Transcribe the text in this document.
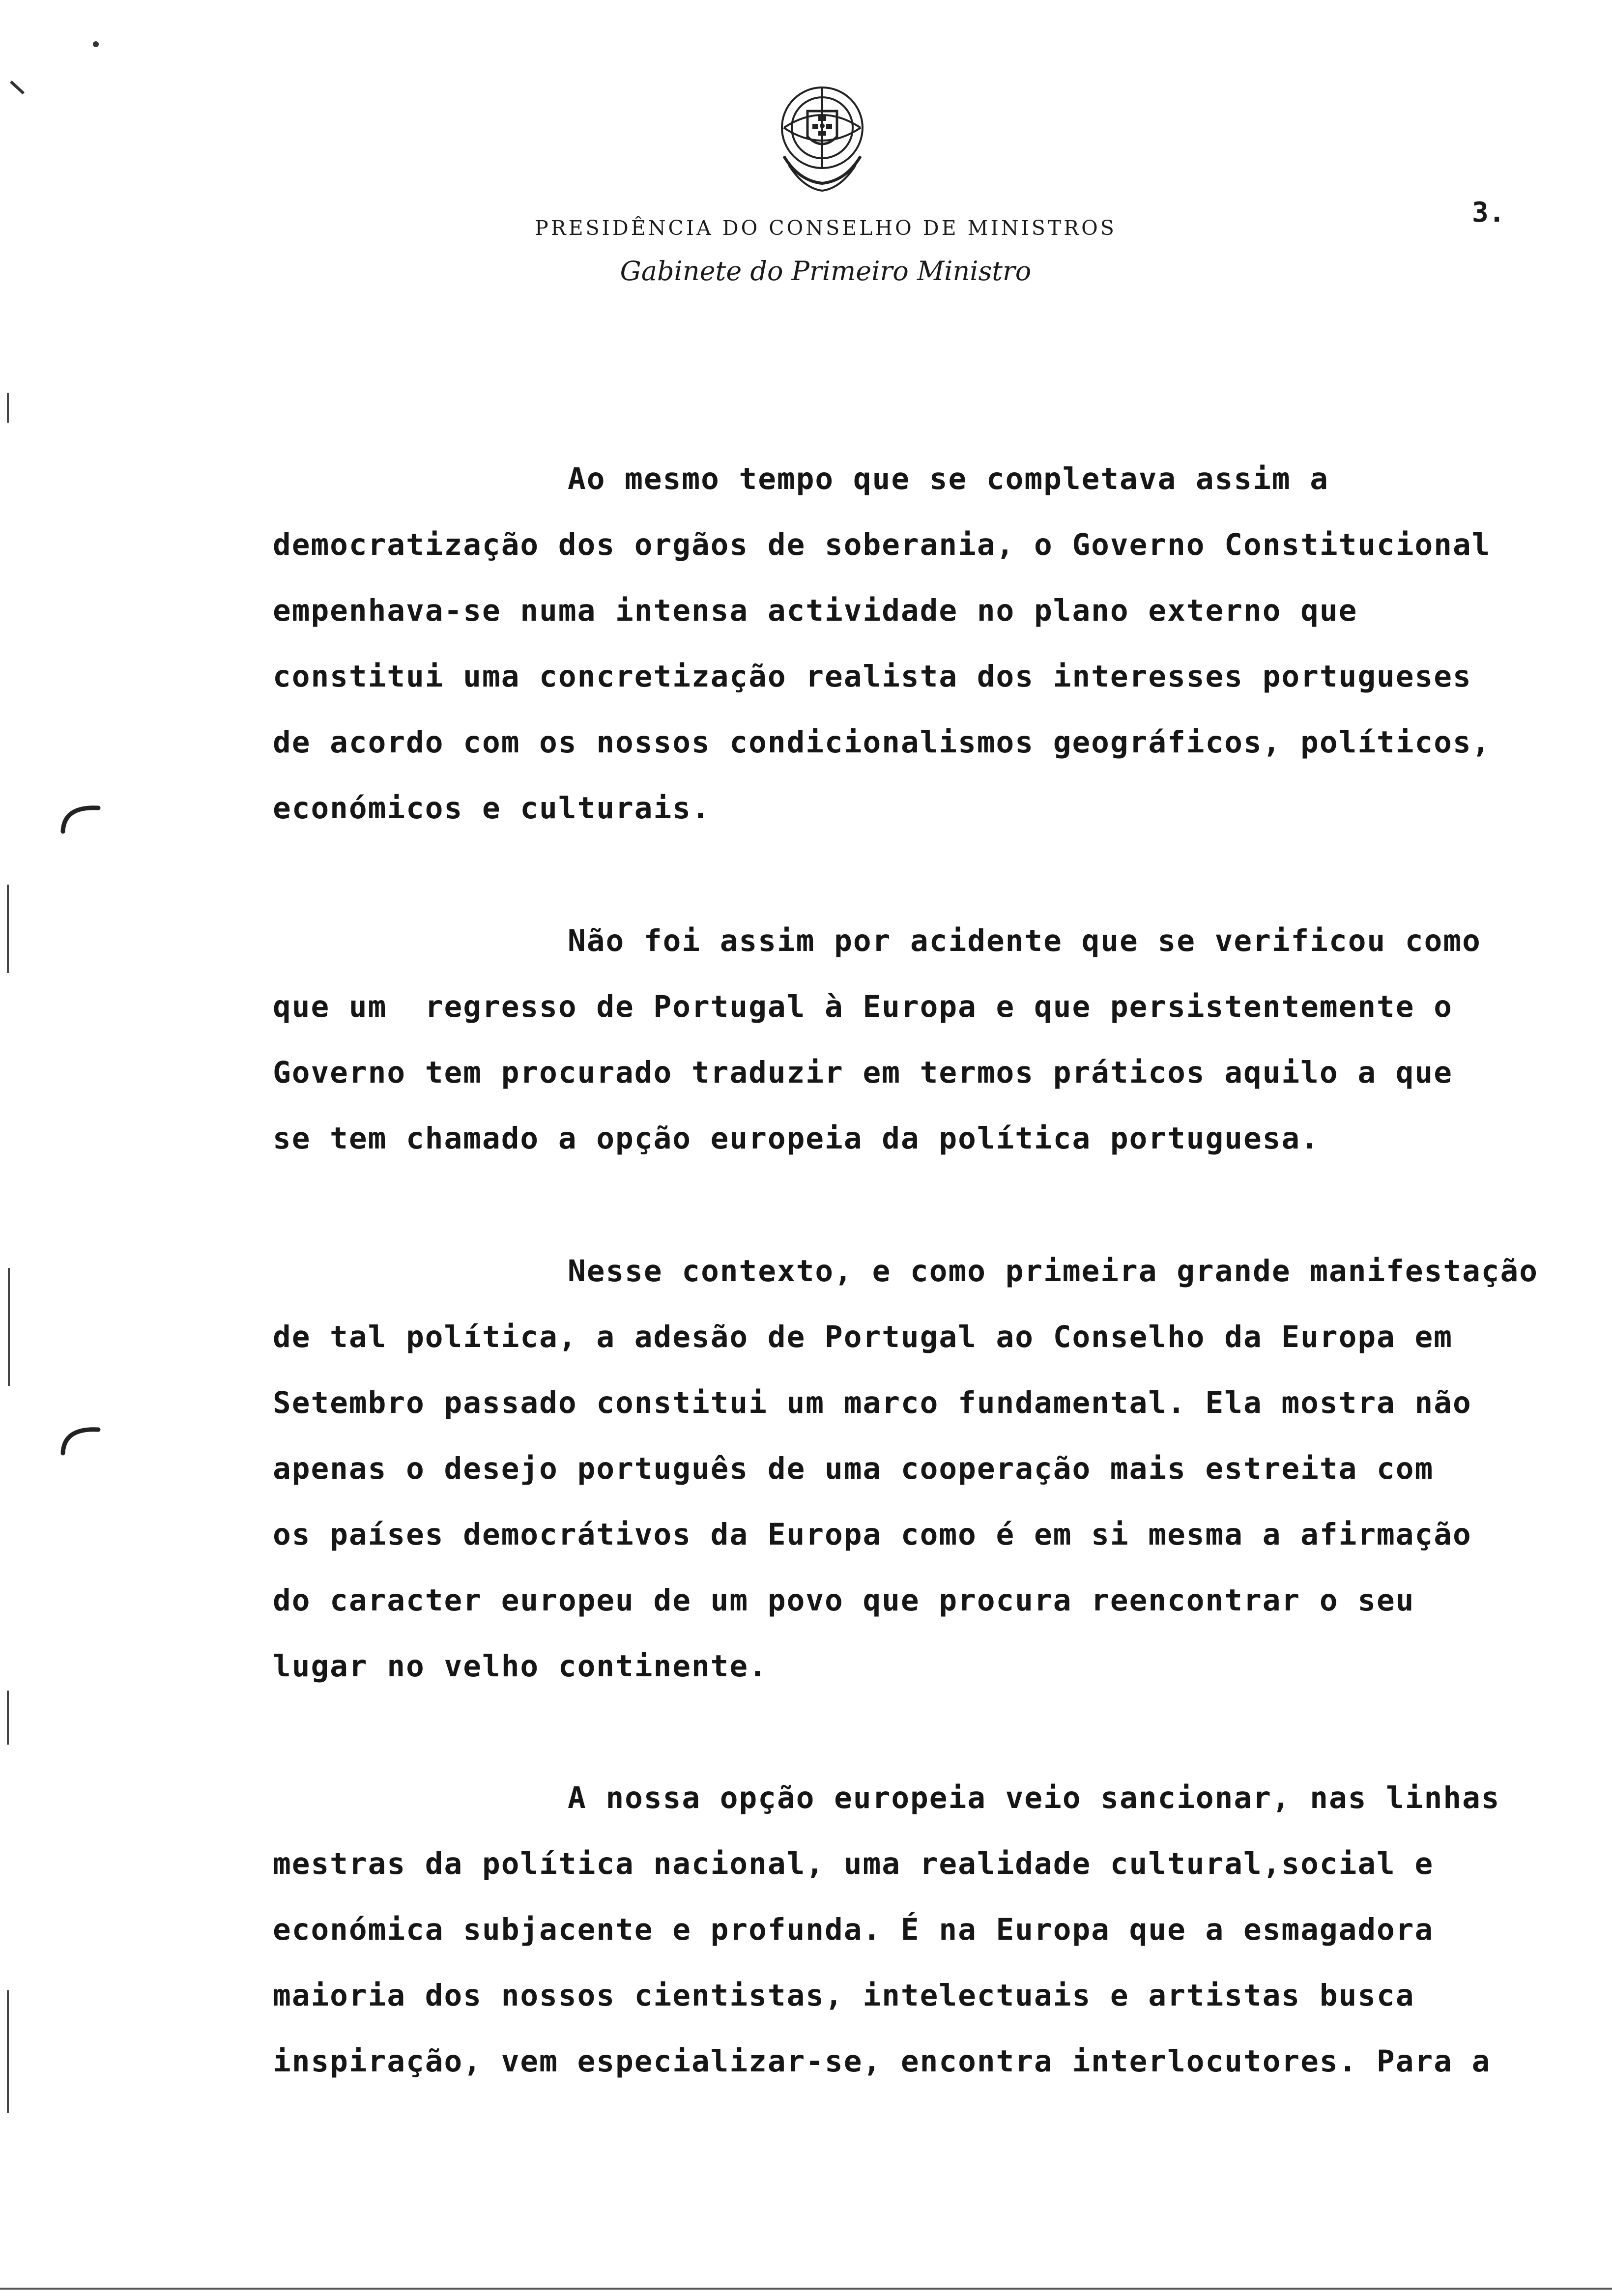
PRESIDÊNCIA DO CONSELHO DE MINISTROS
Gabinete do Primeiro Ministro
3.
Ao mesmo tempo que se completava assim a
democratização dos orgãos de soberania, o Governo Constitucional
empenhava-se numa intensa actividade no plano externo que
constitui uma concretização realista dos interesses portugueses
de acordo com os nossos condicionalismos geográficos, políticos,
económicos e culturais.
Não foi assim por acidente que se verificou como
que um  regresso de Portugal à Europa e que persistentemente o
Governo tem procurado traduzir em termos práticos aquilo a que
se tem chamado a opção europeia da política portuguesa.
Nesse contexto, e como primeira grande manifestação
de tal política, a adesão de Portugal ao Conselho da Europa em
Setembro passado constitui um marco fundamental. Ela mostra não
apenas o desejo português de uma cooperação mais estreita com
os países democrátivos da Europa como é em si mesma a afirmação
do caracter europeu de um povo que procura reencontrar o seu
lugar no velho continente.
A nossa opção europeia veio sancionar, nas linhas
mestras da política nacional, uma realidade cultural,social e
económica subjacente e profunda. É na Europa que a esmagadora
maioria dos nossos cientistas, intelectuais e artistas busca
inspiração, vem especializar-se, encontra interlocutores. Para a
